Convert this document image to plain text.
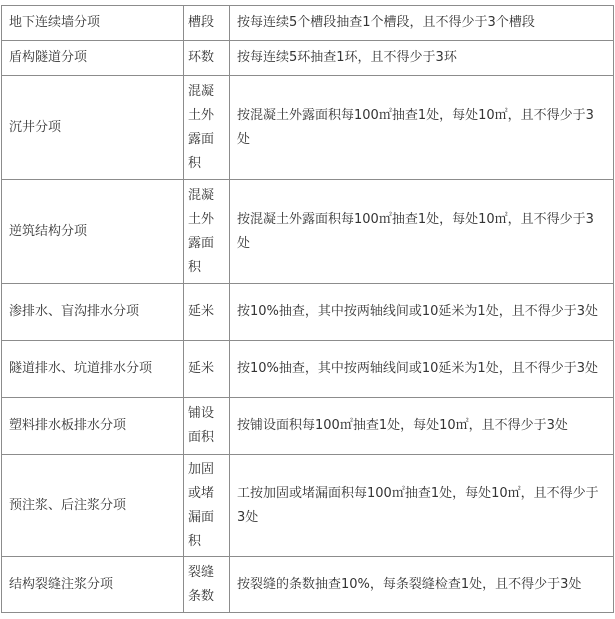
地下连续墙分项	槽段	按每连续5个槽段抽查1个槽段，且不得少于3个槽段
盾构隧道分项	环数	按每连续5环抽查1环，且不得少于3环
沉井分项	混凝土外露面积	按混凝土外露面积每100㎡抽查1处，每处10㎡，且不得少于3处
逆筑结构分项	混凝土外露面积	按混凝土外露面积每100㎡抽查1处，每处10㎡，且不得少于3处
渗排水、盲沟排水分项	延米	按10%抽查，其中按两轴线间或10延米为1处，且不得少于3处
隧道排水、坑道排水分项	延米	按10%抽查，其中按两轴线间或10延米为1处，且不得少于3处
塑料排水板排水分项	铺设面积	按铺设面积每100㎡抽查1处，每处10㎡，且不得少于3处
预注浆、后注浆分项	加固或堵漏面积	工按加固或堵漏面积每100㎡抽查1处，每处10㎡，且不得少于3处
结构裂缝注浆分项	裂缝条数	按裂缝的条数抽查10%，每条裂缝检查1处，且不得少于3处
